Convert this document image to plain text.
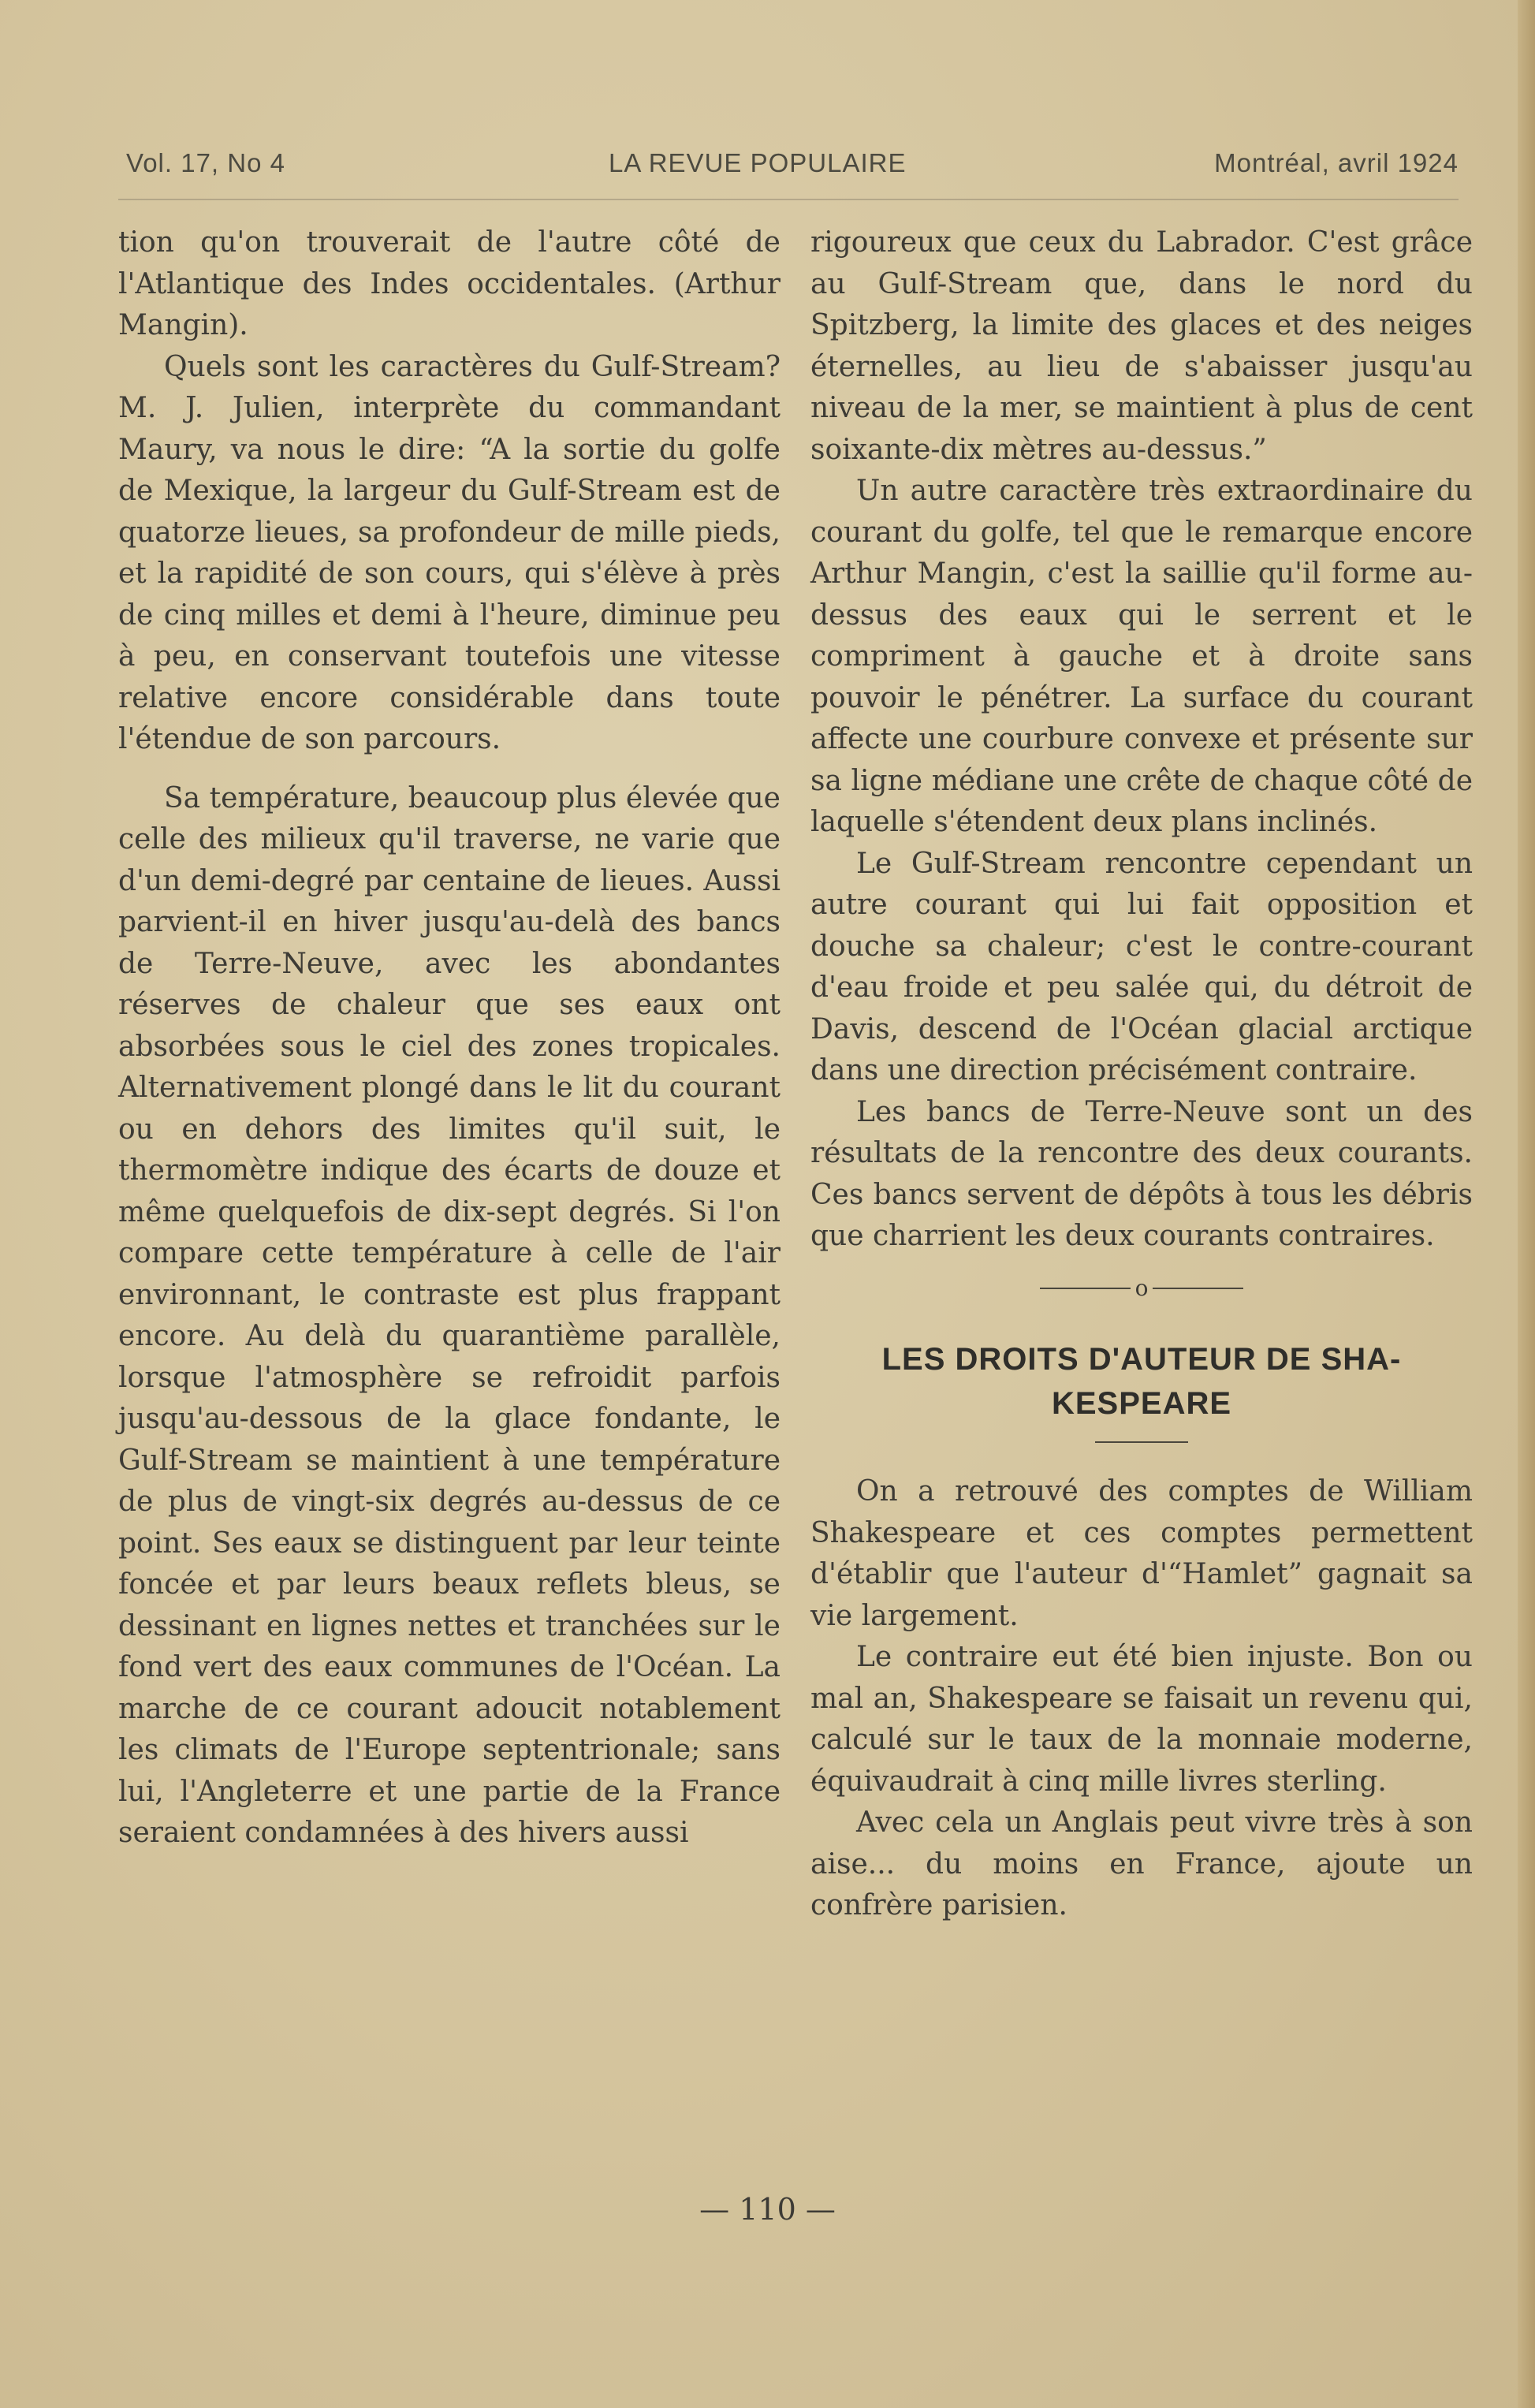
Vol. 17, No 4	LA REVUE POPULAIRE	Montréal, avril 1924

tion qu'on trouverait de l'autre côté de l'Atlantique des Indes occidentales. (Arthur Mangin).

Quels sont les caractères du Gulf-Stream? M. J. Julien, interprète du commandant Maury, va nous le dire: “A la sortie du golfe de Mexique, la largeur du Gulf-Stream est de quatorze lieues, sa profondeur de mille pieds, et la rapidité de son cours, qui s'élève à près de cinq milles et demi à l'heure, diminue peu à peu, en conservant toutefois une vitesse relative encore considérable dans toute l'étendue de son parcours.

Sa température, beaucoup plus élevée que celle des milieux qu'il traverse, ne varie que d'un demi-degré par centaine de lieues. Aussi parvient-il en hiver jusqu'au-delà des bancs de Terre-Neuve, avec les abondantes réserves de chaleur que ses eaux ont absorbées sous le ciel des zones tropicales. Alternativement plongé dans le lit du courant ou en dehors des limites qu'il suit, le thermomètre indique des écarts de douze et même quelquefois de dix-sept degrés. Si l'on compare cette température à celle de l'air environnant, le contraste est plus frappant encore. Au delà du quarantième parallèle, lorsque l'atmosphère se refroidit parfois jusqu'au-dessous de la glace fondante, le Gulf-Stream se maintient à une température de plus de vingt-six degrés au-dessus de ce point. Ses eaux se distinguent par leur teinte foncée et par leurs beaux reflets bleus, se dessinant en lignes nettes et tranchées sur le fond vert des eaux communes de l'Océan. La marche de ce courant adoucit notablement les climats de l'Europe septentrionale; sans lui, l'Angleterre et une partie de la France seraient condamnées à des hivers aussi

rigoureux que ceux du Labrador. C'est grâce au Gulf-Stream que, dans le nord du Spitzberg, la limite des glaces et des neiges éternelles, au lieu de s'abaisser jusqu'au niveau de la mer, se maintient à plus de cent soixante-dix mètres au-dessus.”

Un autre caractère très extraordinaire du courant du golfe, tel que le remarque encore Arthur Mangin, c'est la saillie qu'il forme au-dessus des eaux qui le serrent et le compriment à gauche et à droite sans pouvoir le pénétrer. La surface du courant affecte une courbure convexe et présente sur sa ligne médiane une crête de chaque côté de laquelle s'étendent deux plans inclinés.

Le Gulf-Stream rencontre cependant un autre courant qui lui fait opposition et douche sa chaleur; c'est le contre-courant d'eau froide et peu salée qui, du détroit de Davis, descend de l'Océan glacial arctique dans une direction précisément contraire.

Les bancs de Terre-Neuve sont un des résultats de la rencontre des deux courants. Ces bancs servent de dépôts à tous les débris que charrient les deux courants contraires.

o

LES DROITS D'AUTEUR DE SHA-
KESPEARE

On a retrouvé des comptes de William Shakespeare et ces comptes permettent d'établir que l'auteur d'“Hamlet” gagnait sa vie largement.

Le contraire eut été bien injuste. Bon ou mal an, Shakespeare se faisait un revenu qui, calculé sur le taux de la monnaie moderne, équivaudrait à cinq mille livres sterling.

Avec cela un Anglais peut vivre très à son aise... du moins en France, ajoute un confrère parisien.

— 110 —
